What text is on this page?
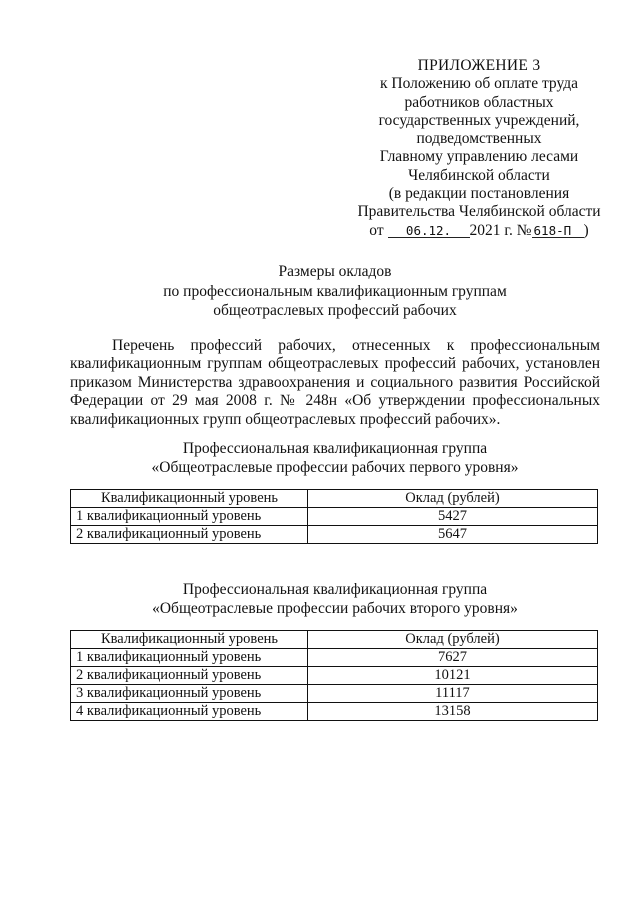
ПРИЛОЖЕНИЕ 3
к Положению об оплате труда
работников областных
государственных учреждений,
подведомственных
Главному управлению лесами
Челябинской области
(в редакции постановления
Правительства Челябинской области
от 06.12. 2021 г. № 618-П )
Размеры окладов
по профессиональным квалификационным группам
общеотраслевых профессий рабочих
Перечень профессий рабочих, отнесенных к профессиональным квалификационным группам общеотраслевых профессий рабочих, установлен приказом Министерства здравоохранения и социального развития Российской Федерации от 29 мая 2008 г. № 248н «Об утверждении профессиональных квалификационных групп общеотраслевых профессий рабочих».
Профессиональная квалификационная группа
«Общеотраслевые профессии рабочих первого уровня»
Квалификационный уровень	Оклад (рублей)
1 квалификационный уровень	5427
2 квалификационный уровень	5647
Профессиональная квалификационная группа
«Общеотраслевые профессии рабочих второго уровня»
Квалификационный уровень	Оклад (рублей)
1 квалификационный уровень	7627
2 квалификационный уровень	10121
3 квалификационный уровень	11117
4 квалификационный уровень	13158
